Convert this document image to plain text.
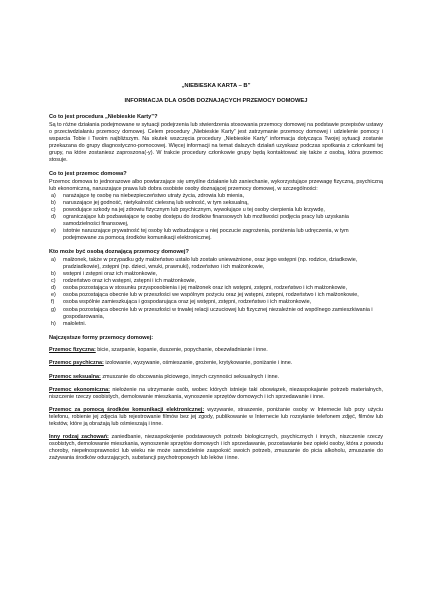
„NIEBIESKA KARTA – B”

INFORMACJA DLA OSÓB DOZNAJĄCYCH PRZEMOCY DOMOWEJ

Co to jest procedura „Niebieskie Karty”?

Są to różne działania podejmowane w sytuacji podejrzenia lub stwierdzenia stosowania przemocy domowej na podstawie przepisów ustawy o przeciwdziałaniu przemocy domowej. Celem procedury „Niebieskie Karty” jest zatrzymanie przemocy domowej i udzielenie pomocy i wsparcia Tobie i Twoim najbliższym. Na skutek wszczęcia procedury „Niebieskie Karty” informacja dotycząca Twojej sytuacji zostanie przekazana do grupy diagnostyczno-pomocowej. Więcej informacji na temat dalszych działań uzyskasz podczas spotkania z członkami tej grupy, na które zostaniesz zaproszona(-y). W trakcie procedury członkowie grupy będą kontaktować się także z osobą, która przemoc stosuje.

Co to jest przemoc domowa?

Przemoc domowa to jednorazowe albo powtarzające się umyślne działanie lub zaniechanie, wykorzystujące przewagę fizyczną, psychiczną lub ekonomiczną, naruszające prawa lub dobra osobiste osoby doznającej przemocy domowej, w szczególności:

a)	narażające tę osobę na niebezpieczeństwo utraty życia, zdrowia lub mienia,
b)	naruszające jej godność, nietykalność cielesną lub wolność, w tym seksualną,
c)	powodujące szkody na jej zdrowiu fizycznym lub psychicznym, wywołujące u tej osoby cierpienia lub krzywdę,
d)	ograniczające lub pozbawiające tę osobę dostępu do środków finansowych lub możliwości podjęcia pracy lub uzyskania samodzielności finansowej,
e)	istotnie naruszające prywatność tej osoby lub wzbudzające u niej poczucie zagrożenia, poniżenia lub udręczenia, w tym podejmowane za pomocą środków komunikacji elektronicznej.
Kto może być osobą doznającą przemocy domowej?
a)	małżonek, także w przypadku gdy małżeństwo ustało lub zostało unieważnione, oraz jego wstępni (np. rodzice, dziadkowie, pradziadkowie), zstępni (np. dzieci, wnuki, prawnuki), rodzeństwo i ich małżonkowie,
b)	wstępni i zstępni oraz ich małżonkowie,
c)	rodzeństwo oraz ich wstępni, zstępni i ich małżonkowie,
d)	osoba pozostająca w stosunku przysposobienia i jej małżonek oraz ich wstępni, zstępni, rodzeństwo i ich małżonkowie,
e)	osoba pozostająca obecnie lub w przeszłości we wspólnym pożyciu oraz jej wstępni, zstępni, rodzeństwo i ich małżonkowie,
f)	osoba wspólnie zamieszkująca i gospodarująca oraz jej wstępni, zstępni, rodzeństwo i ich małżonkowie,
g)	osoba pozostająca obecnie lub w przeszłości w trwałej relacji uczuciowej lub fizycznej niezależnie od wspólnego zamieszkiwania i gospodarowania,
h)	małoletni.
Najczęstsze formy przemocy domowej:

Przemoc fizyczna: bicie, szarpanie, kopanie, duszenie, popychanie, obezwładnianie i inne.

Przemoc psychiczna: izolowanie, wyzywanie, ośmieszanie, grożenie, krytykowanie, poniżanie i inne.

Przemoc seksualna: zmuszanie do obcowania płciowego, innych czynności seksualnych i inne.

Przemoc ekonomiczna: niełożenie na utrzymanie osób, wobec których istnieje taki obowiązek, niezaspokajanie potrzeb materialnych, niszczenie rzeczy osobistych, demolowanie mieszkania, wynoszenie sprzętów domowych i ich sprzedawanie i inne.

Przemoc za pomocą środków komunikacji elektronicznej: wyzywanie, straszenie, poniżanie osoby w Internecie lub przy użyciu telefonu, robienie jej zdjęcia lub rejestrowanie filmów bez jej zgody, publikowanie w Internecie lub rozsyłanie telefonem zdjęć, filmów lub tekstów, które ją obrażają lub ośmieszają i inne.

Inny rodzaj zachowań: zaniedbanie, niezaspokojenie podstawowych potrzeb biologicznych, psychicznych i innych, niszczenie rzeczy osobistych, demolowanie mieszkania, wynoszenie sprzętów domowych i ich sprzedawanie, pozostawianie bez opieki osoby, która z powodu choroby, niepełnosprawności lub wieku nie może samodzielnie zaspokoić swoich potrzeb, zmuszanie do picia alkoholu, zmuszanie do zażywania środków odurzających, substancji psychotropowych lub leków i inne.
